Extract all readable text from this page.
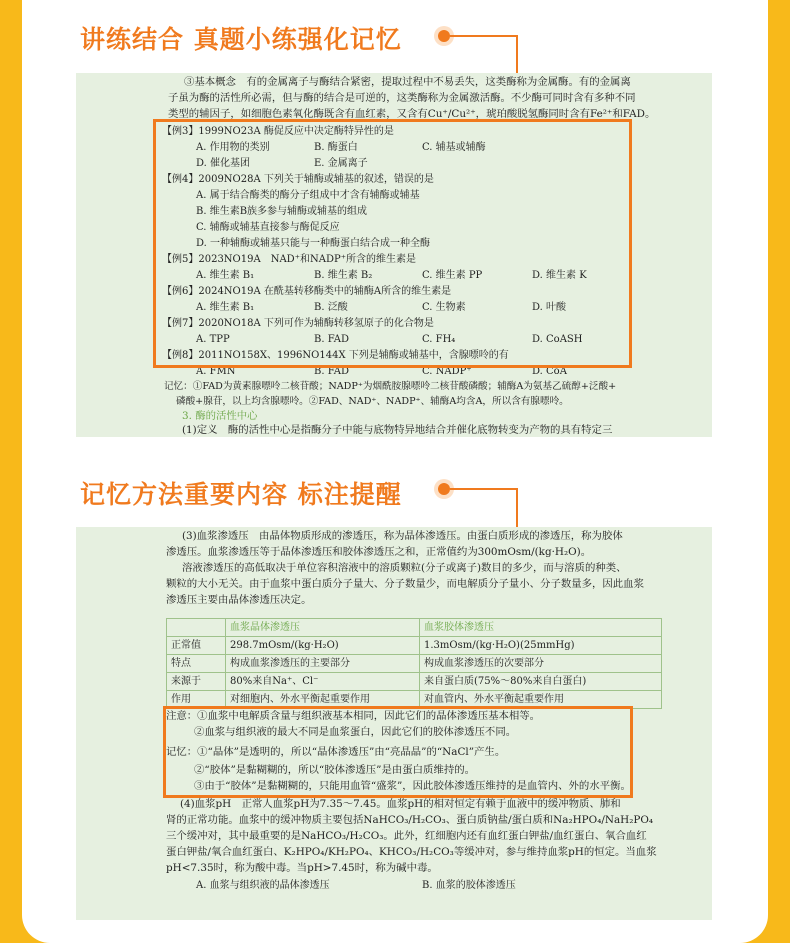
讲练结合 真题小练强化记忆
③基本概念　有的金属离子与酶结合紧密，提取过程中不易丢失，这类酶称为金属酶。有的金属离
子虽为酶的活性所必需，但与酶的结合是可逆的，这类酶称为金属激活酶。不少酶可同时含有多种不同
类型的辅因子，如细胞色素氧化酶既含有血红素，又含有Cu⁺/Cu²⁺，琥珀酸脱氢酶同时含有Fe²⁺和FAD。
【例3】1999NO23A 酶促反应中决定酶特异性的是
A. 作用物的类别	B. 酶蛋白	C. 辅基或辅酶
D. 催化基团	E. 金属离子
【例4】2009NO28A 下列关于辅酶或辅基的叙述，错误的是
A. 属于结合酶类的酶分子组成中才含有辅酶或辅基
B. 维生素B族多参与辅酶或辅基的组成
C. 辅酶或辅基直接参与酶促反应
D. 一种辅酶或辅基只能与一种酶蛋白结合成一种全酶
【例5】2023NO19A　NAD⁺和NADP⁺所含的维生素是
A. 维生素 B₁	B. 维生素 B₂	C. 维生素 PP	D. 维生素 K
【例6】2024NO19A 在酰基转移酶类中的辅酶A所含的维生素是
A. 维生素 B₁	B. 泛酸	C. 生物素	D. 叶酸
【例7】2020NO18A 下列可作为辅酶转移氢原子的化合物是
A. TPP	B. FAD	C. FH₄	D. CoASH
【例8】2011NO158X、1996NO144X 下列是辅酶或辅基中，含腺嘌呤的有
A. FMN	B. FAD	C. NADP⁺	D. CoA
记忆：①FAD为黄素腺嘌呤二核苷酸；NADP⁺为烟酰胺腺嘌呤二核苷酸磷酸；辅酶A为氨基乙硫醇+泛酸+
磷酸+腺苷，以上均含腺嘌呤。②FAD、NAD⁺、NADP⁺、辅酶A均含A，所以含有腺嘌呤。
3. 酶的活性中心
(1)定义　酶的活性中心是指酶分子中能与底物特异地结合并催化底物转变为产物的具有特定三
记忆方法重要内容 标注提醒
(3)血浆渗透压　由晶体物质形成的渗透压，称为晶体渗透压。由蛋白质形成的渗透压，称为胶体
渗透压。血浆渗透压等于晶体渗透压和胶体渗透压之和，正常值约为300mOsm/(kg·H₂O)。
溶液渗透压的高低取决于单位容积溶液中的溶质颗粒(分子或离子)数目的多少，而与溶质的种类、
颗粒的大小无关。由于血浆中蛋白质分子量大、分子数量少，而电解质分子量小、分子数量多，因此血浆
渗透压主要由晶体渗透压决定。
	血浆晶体渗透压	血浆胶体渗透压
正常值	298.7mOsm/(kg·H₂O)	1.3mOsm/(kg·H₂O)(25mmHg)
特点	构成血浆渗透压的主要部分	构成血浆渗透压的次要部分
来源于	80%来自Na⁺、Cl⁻	来自蛋白质(75%～80%来自白蛋白)
作用	对细胞内、外水平衡起重要作用	对血管内、外水平衡起重要作用
注意：①血浆中电解质含量与组织液基本相同，因此它们的晶体渗透压基本相等。
②血浆与组织液的最大不同是血浆蛋白，因此它们的胶体渗透压不同。
记忆：①“晶体”是透明的，所以“晶体渗透压”由“亮晶晶”的“NaCl”产生。
②“胶体”是黏糊糊的，所以“胶体渗透压”是由蛋白质维持的。
③由于“胶体”是黏糊糊的，只能用血管“盛浆”，因此胶体渗透压维持的是血管内、外的水平衡。
(4)血浆pH　正常人血浆pH为7.35～7.45。血浆pH的相对恒定有赖于血液中的缓冲物质、肺和
肾的正常功能。血浆中的缓冲物质主要包括NaHCO₃/H₂CO₃、蛋白质钠盐/蛋白质和Na₂HPO₄/NaH₂PO₄
三个缓冲对，其中最重要的是NaHCO₃/H₂CO₃。此外，红细胞内还有血红蛋白钾盐/血红蛋白、氧合血红
蛋白钾盐/氧合血红蛋白、K₂HPO₄/KH₂PO₄、KHCO₃/H₂CO₃等缓冲对，参与维持血浆pH的恒定。当血浆
pH<7.35时，称为酸中毒。当pH>7.45时，称为碱中毒。
A. 血浆与组织液的晶体渗透压	B. 血浆的胶体渗透压
